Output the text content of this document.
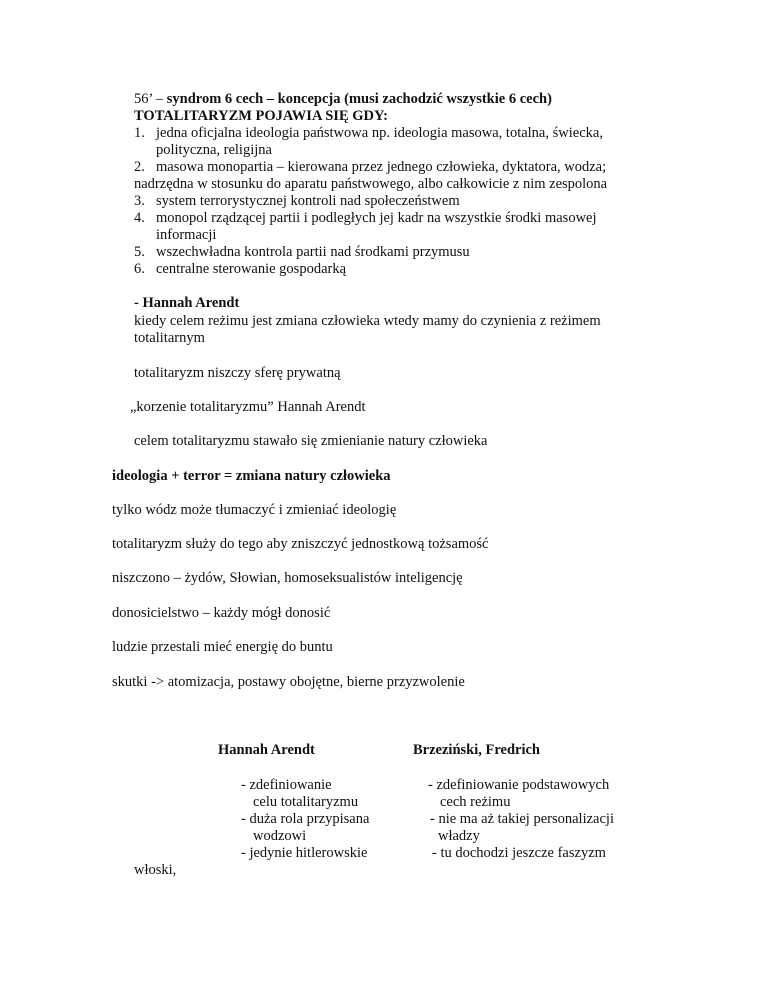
56’ – syndrom 6 cech – koncepcja (musi zachodzić wszystkie 6 cech)
TOTALITARYZM POJAWIA SIĘ GDY:
1. jedna oficjalna ideologia państwowa np. ideologia masowa, totalna, świecka,
polityczna, religijna
2. masowa monopartia – kierowana przez jednego człowieka, dyktatora, wodza;
nadrzędna w stosunku do aparatu państwowego, albo całkowicie z nim zespolona
3. system terrorystycznej kontroli nad społeczeństwem
4. monopol rządzącej partii i podległych jej kadr na wszystkie środki masowej
informacji
5. wszechwładna kontrola partii nad środkami przymusu
6. centralne sterowanie gospodarką
- Hannah Arendt
kiedy celem reżimu jest zmiana człowieka wtedy mamy do czynienia z reżimem
totalitarnym
totalitaryzm niszczy sferę prywatną
„korzenie totalitaryzmu” Hannah Arendt
celem totalitaryzmu stawało się zmienianie natury człowieka
ideologia + terror = zmiana natury człowieka
tylko wódz może tłumaczyć i zmieniać ideologię
totalitaryzm służy do tego aby zniszczyć jednostkową tożsamość
niszczono – żydów, Słowian, homoseksualistów inteligencję
donosicielstwo – każdy mógł donosić
ludzie przestali mieć energię do buntu
skutki -> atomizacja, postawy obojętne, bierne przyzwolenie
Hannah Arendt	Brzeziński, Fredrich
- zdefiniowanie
celu totalitaryzmu
- duża rola przypisana
wodzowi
- jedynie hitlerowskie
- zdefiniowanie podstawowych
cech reżimu
- nie ma aż takiej personalizacji
władzy
- tu dochodzi jeszcze faszyzm
włoski,
